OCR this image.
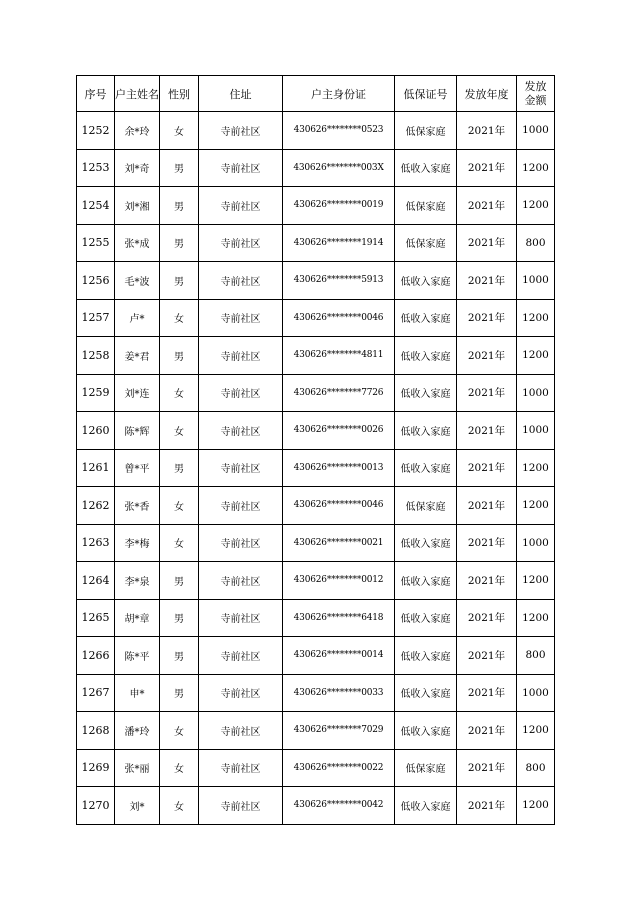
序号	户主姓名	性别	住址	户主身份证	低保证号	发放年度	发放
金额
1252	余*玲	女	寺前社区	430626********0523	低保家庭	2021年	1000
1253	刘*奇	男	寺前社区	430626********003X	低收入家庭	2021年	1200
1254	刘*湘	男	寺前社区	430626********0019	低保家庭	2021年	1200
1255	张*成	男	寺前社区	430626********1914	低保家庭	2021年	800
1256	毛*波	男	寺前社区	430626********5913	低收入家庭	2021年	1000
1257	卢*	女	寺前社区	430626********0046	低收入家庭	2021年	1200
1258	姜*君	男	寺前社区	430626********4811	低收入家庭	2021年	1200
1259	刘*连	女	寺前社区	430626********7726	低收入家庭	2021年	1000
1260	陈*辉	女	寺前社区	430626********0026	低收入家庭	2021年	1000
1261	曾*平	男	寺前社区	430626********0013	低收入家庭	2021年	1200
1262	张*香	女	寺前社区	430626********0046	低保家庭	2021年	1200
1263	李*梅	女	寺前社区	430626********0021	低收入家庭	2021年	1000
1264	李*泉	男	寺前社区	430626********0012	低收入家庭	2021年	1200
1265	胡*章	男	寺前社区	430626********6418	低收入家庭	2021年	1200
1266	陈*平	男	寺前社区	430626********0014	低收入家庭	2021年	800
1267	申*	男	寺前社区	430626********0033	低收入家庭	2021年	1000
1268	潘*玲	女	寺前社区	430626********7029	低收入家庭	2021年	1200
1269	张*丽	女	寺前社区	430626********0022	低保家庭	2021年	800
1270	刘*	女	寺前社区	430626********0042	低收入家庭	2021年	1200
